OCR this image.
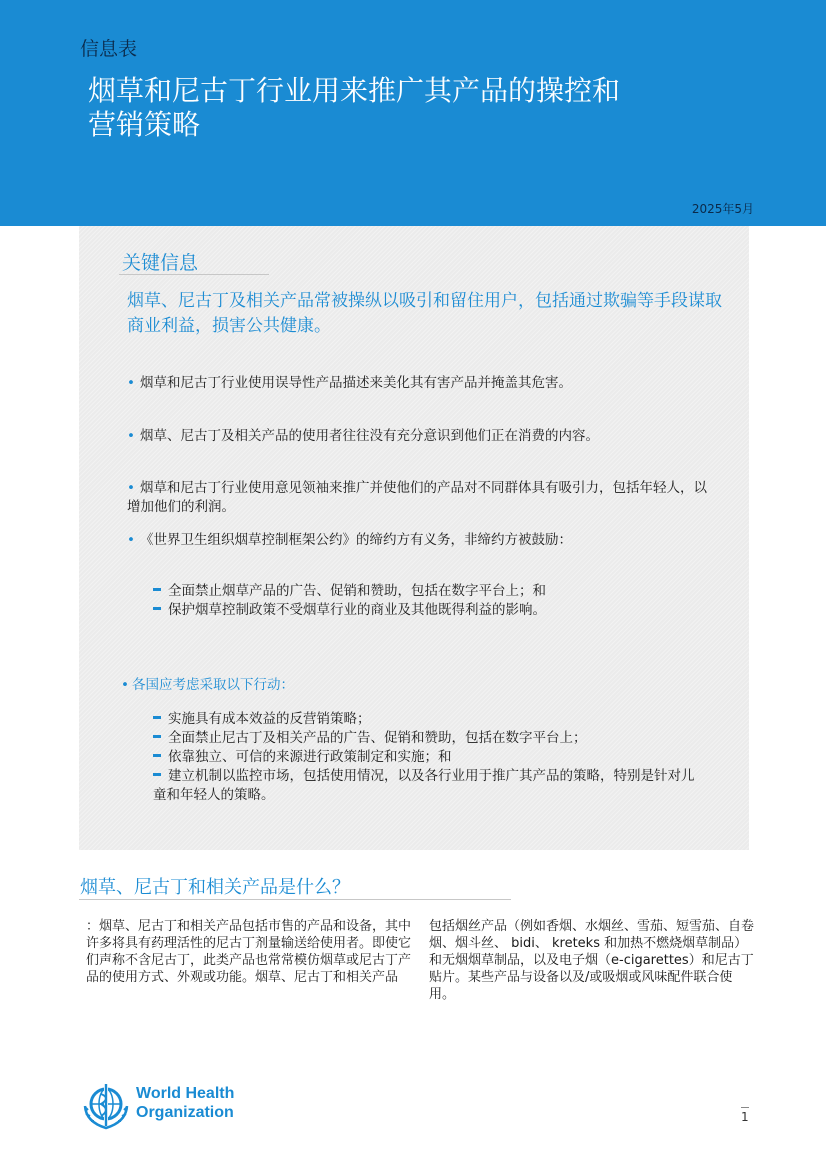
信息表
烟草和尼古丁行业用来推广其产品的操控和
营销策略
2025年5月
关键信息
烟草、尼古丁及相关产品常被操纵以吸引和留住用户，包括通过欺骗等手段谋取商业利益，损害公共健康。
• 烟草和尼古丁行业使用误导性产品描述来美化其有害产品并掩盖其危害。
• 烟草、尼古丁及相关产品的使用者往往没有充分意识到他们正在消费的内容。
• 烟草和尼古丁行业使用意见领袖来推广并使他们的产品对不同群体具有吸引力，包括年轻人，以增加他们的利润。
• 《世界卫生组织烟草控制框架公约》的缔约方有义务，非缔约方被鼓励：
全面禁止烟草产品的广告、促销和赞助，包括在数字平台上；和
保护烟草控制政策不受烟草行业的商业及其他既得利益的影响。
• 各国应考虑采取以下行动：
实施具有成本效益的反营销策略；
全面禁止尼古丁及相关产品的广告、促销和赞助，包括在数字平台上；
依靠独立、可信的来源进行政策制定和实施；和
建立机制以监控市场，包括使用情况，以及各行业用于推广其产品的策略，特别是针对儿童和年轻人的策略。
烟草、尼古丁和相关产品是什么？

：烟草、尼古丁和相关产品包括市售的产品和设备，其中许多将具有药理活性的尼古丁剂量输送给使用者。即使它们声称不含尼古丁，此类产品也常常模仿烟草或尼古丁产品的使用方式、外观或功能。烟草、尼古丁和相关产品

包括烟丝产品（例如香烟、水烟丝、雪茄、短雪茄、自卷烟、烟斗丝、 bidi、 kreteks 和加热不燃烧烟草制品）和无烟烟草制品，以及电子烟（e-cigarettes）和尼古丁贴片。某些产品与设备以及/或吸烟或风味配件联合使用。

World Health
Organization	1
